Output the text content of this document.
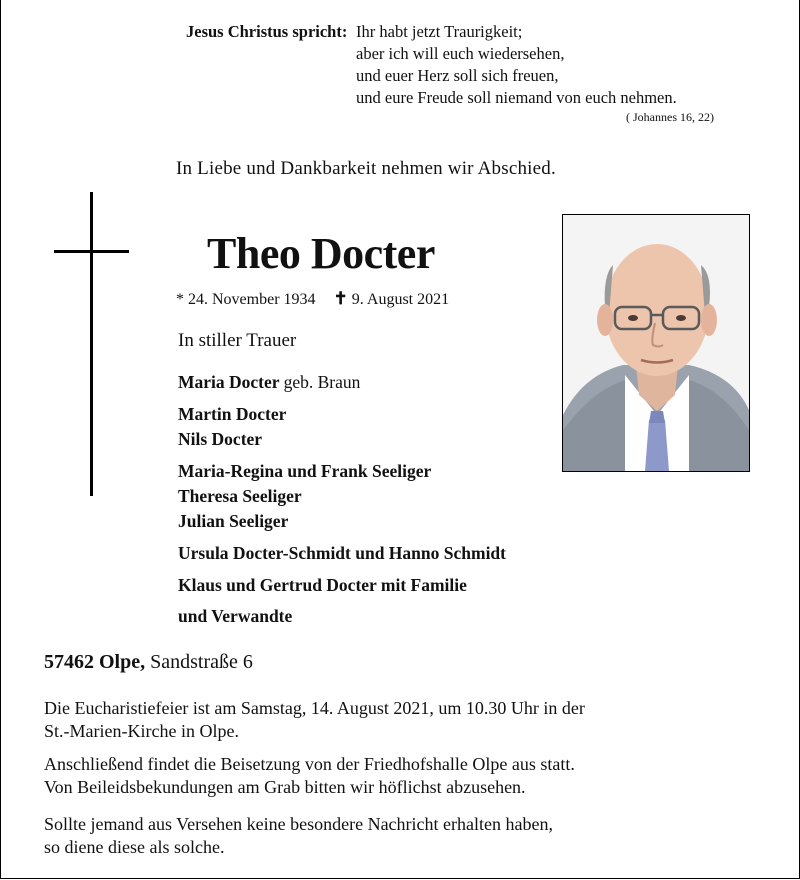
Jesus Christus spricht: Ihr habt jetzt Traurigkeit;
aber ich will euch wiedersehen,
und euer Herz soll sich freuen,
und eure Freude soll niemand von euch nehmen.
( Johannes 16, 22)
In Liebe und Dankbarkeit nehmen wir Abschied.
Theo Docter
* 24. November 1934 ✝ 9. August 2021
In stiller Trauer
Maria Docter geb. Braun
Martin Docter
Nils Docter
Maria-Regina und Frank Seeliger
Theresa Seeliger
Julian Seeliger
Ursula Docter-Schmidt und Hanno Schmidt
Klaus und Gertrud Docter mit Familie
und Verwandte
57462 Olpe, Sandstraße 6
Die Eucharistiefeier ist am Samstag, 14. August 2021, um 10.30 Uhr in der
St.-Marien-Kirche in Olpe.
Anschließend findet die Beisetzung von der Friedhofshalle Olpe aus statt.
Von Beileidsbekundungen am Grab bitten wir höflichst abzusehen.
Sollte jemand aus Versehen keine besondere Nachricht erhalten haben,
so diene diese als solche.
